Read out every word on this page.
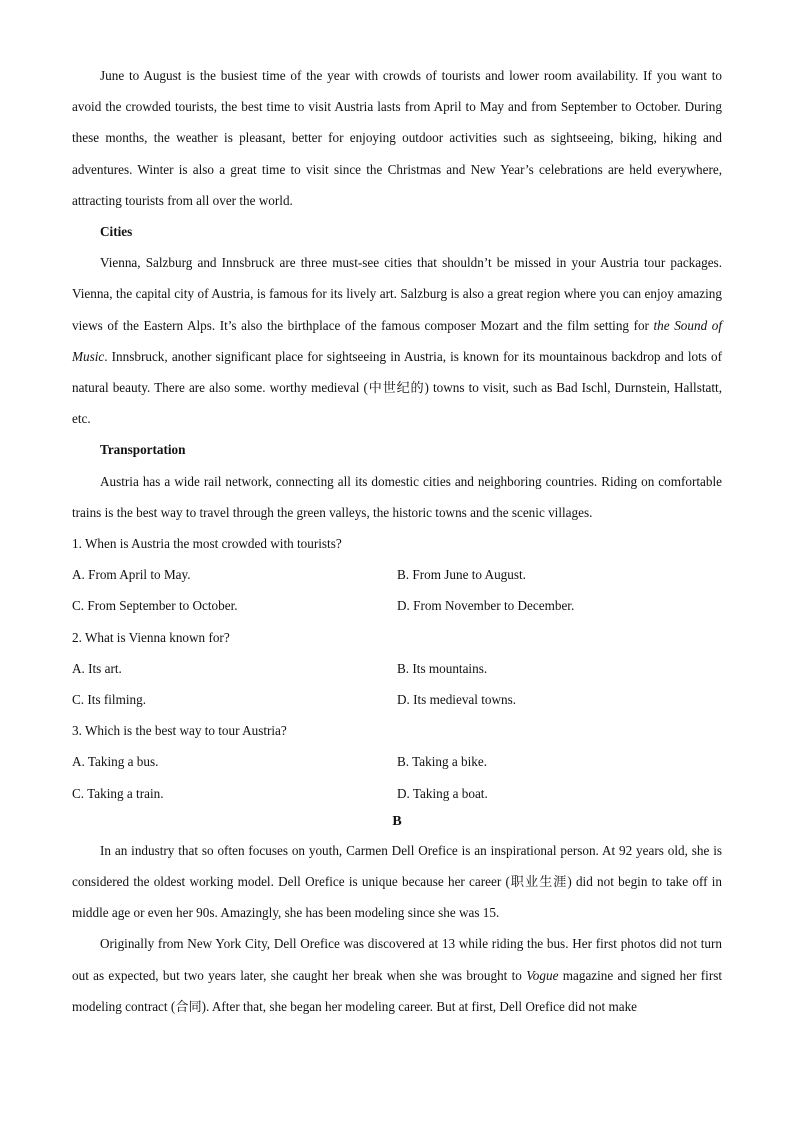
June to August is the busiest time of the year with crowds of tourists and lower room availability. If you want to avoid the crowded tourists, the best time to visit Austria lasts from April to May and from September to October. During these months, the weather is pleasant, better for enjoying outdoor activities such as sightseeing, biking, hiking and adventures. Winter is also a great time to visit since the Christmas and New Year’s celebrations are held everywhere, attracting tourists from all over the world.

Cities

Vienna, Salzburg and Innsbruck are three must-see cities that shouldn’t be missed in your Austria tour packages. Vienna, the capital city of Austria, is famous for its lively art. Salzburg is also a great region where you can enjoy amazing views of the Eastern Alps. It’s also the birthplace of the famous composer Mozart and the film setting for the Sound of Music. Innsbruck, another significant place for sightseeing in Austria, is known for its mountainous backdrop and lots of natural beauty. There are also some. worthy medieval (中世纪的) towns to visit, such as Bad Ischl, Durnstein, Hallstatt, etc.

Transportation

Austria has a wide rail network, connecting all its domestic cities and neighboring countries. Riding on comfortable trains is the best way to travel through the green valleys, the historic towns and the scenic villages.

1. When is Austria the most crowded with tourists?

A. From April to May.	B. From June to August.

C. From September to October.	D. From November to December.

2. What is Vienna known for?

A. Its art.	B. Its mountains.

C. Its filming.	D. Its medieval towns.

3. Which is the best way to tour Austria?

A. Taking a bus.	B. Taking a bike.

C. Taking a train.	D. Taking a boat.

B

In an industry that so often focuses on youth, Carmen Dell Orefice is an inspirational person. At 92 years old, she is considered the oldest working model. Dell Orefice is unique because her career (职业生涯) did not begin to take off in middle age or even her 90s. Amazingly, she has been modeling since she was 15.

Originally from New York City, Dell Orefice was discovered at 13 while riding the bus. Her first photos did not turn out as expected, but two years later, she caught her break when she was brought to Vogue magazine and signed her first modeling contract (合同). After that, she began her modeling career. But at first, Dell Orefice did not make
